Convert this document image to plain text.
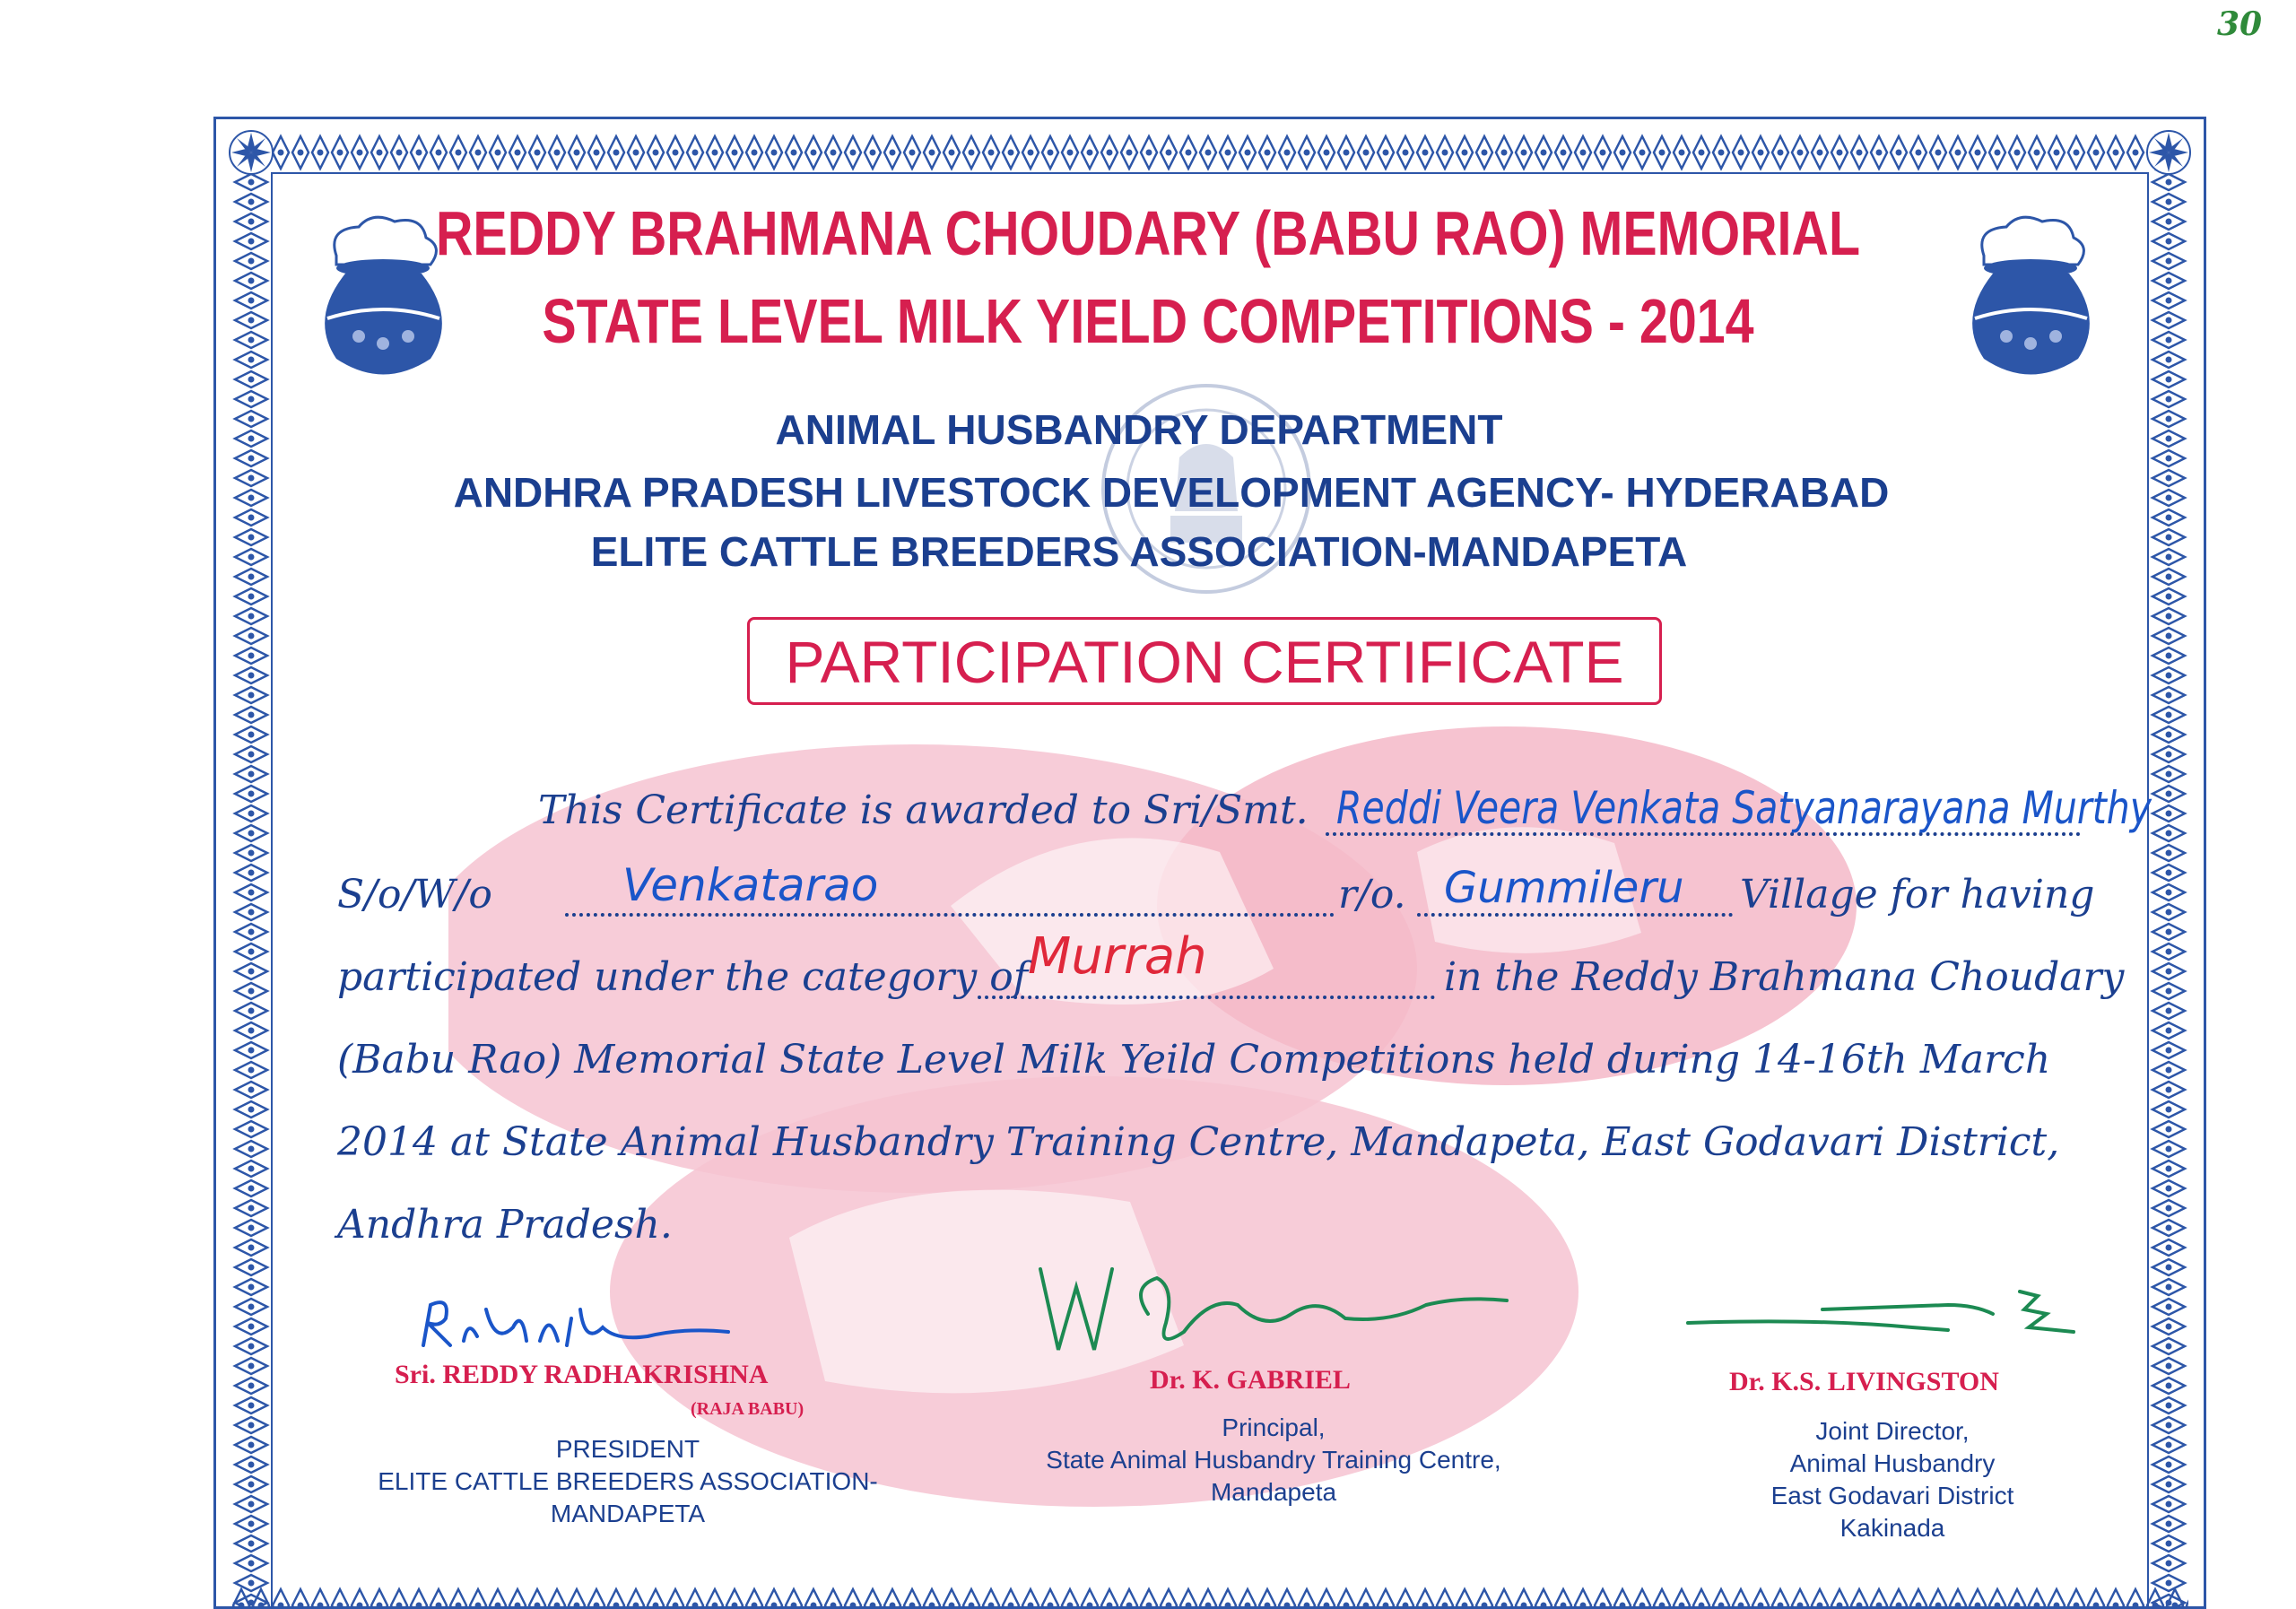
30
REDDY BRAHMANA CHOUDARY (BABU RAO) MEMORIAL
STATE LEVEL MILK YIELD COMPETITIONS - 2014
ANIMAL HUSBANDRY DEPARTMENT
ANDHRA PRADESH LIVESTOCK DEVELOPMENT AGENCY- HYDERABAD
ELITE CATTLE BREEDERS ASSOCIATION-MANDAPETA
PARTICIPATION CERTIFICATE
This Certificate is awarded to Sri/Smt. Reddi Veera Venkata Satyanarayana Murthy
S/o/W/o	Venkatarao	r/o. Gummileru Village for having
participated under the category of Murrah	in the Reddy Brahmana Choudary
(Babu Rao) Memorial State Level Milk Yeild Competitions held during 14-16th March
2014 at State Animal Husbandry Training Centre, Mandapeta, East Godavari District,
Andhra Pradesh.
Sri. REDDY RADHAKRISHNA
(RAJA BABU)
PRESIDENT
ELITE CATTLE BREEDERS ASSOCIATION-
MANDAPETA
Dr. K. GABRIEL
Principal,
State Animal Husbandry Training Centre,
Mandapeta
Dr. K.S. LIVINGSTON
Joint Director,
Animal Husbandry
East Godavari District
Kakinada
